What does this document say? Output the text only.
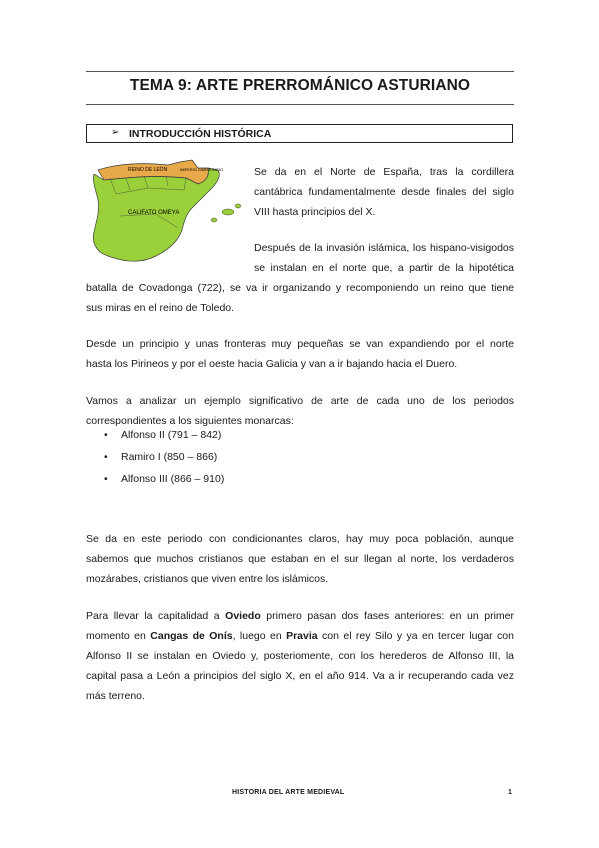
TEMA 9: ARTE PRERROMÁNICO ASTURIANO
➢ INTRODUCCIÓN HISTÓRICA
REINO DE LEÓN	IMPERIO CAROLINGIO
CALIFATO OMEYA
Se da en el Norte de España, tras la cordillera
cantábrica fundamentalmente desde finales del siglo
VIII hasta principios del X.
Después de la invasión islámica, los hispano-visigodos
se instalan en el norte que, a partir de la hipotética
batalla de Covadonga (722), se va ir organizando y recomponiendo un reino que tiene
sus miras en el reino de Toledo.
Desde un principio y unas fronteras muy pequeñas se van expandiendo por el norte
hasta los Pirineos y por el oeste hacia Galicia y van a ir bajando hacia el Duero.
Vamos a analizar un ejemplo significativo de arte de cada uno de los periodos
correspondientes a los siguientes monarcas:
• Alfonso II (791 – 842)
• Ramiro I (850 – 866)
• Alfonso III (866 – 910)
Se da en este periodo con condicionantes claros, hay muy poca población, aunque
sabemos que muchos cristianos que estaban en el sur llegan al norte, los verdaderos
mozárabes, cristianos que viven entre los islámicos.
Para llevar la capitalidad a Oviedo primero pasan dos fases anteriores: en un primer
momento en Cangas de Onís, luego en Pravia con el rey Silo y ya en tercer lugar con
Alfonso II se instalan en Oviedo y, posteriomente, con los herederos de Alfonso III, la
capital pasa a León a principios del siglo X, en el año 914. Va a ir recuperando cada vez
más terreno.
HISTORIA DEL ARTE MEDIEVAL	1
